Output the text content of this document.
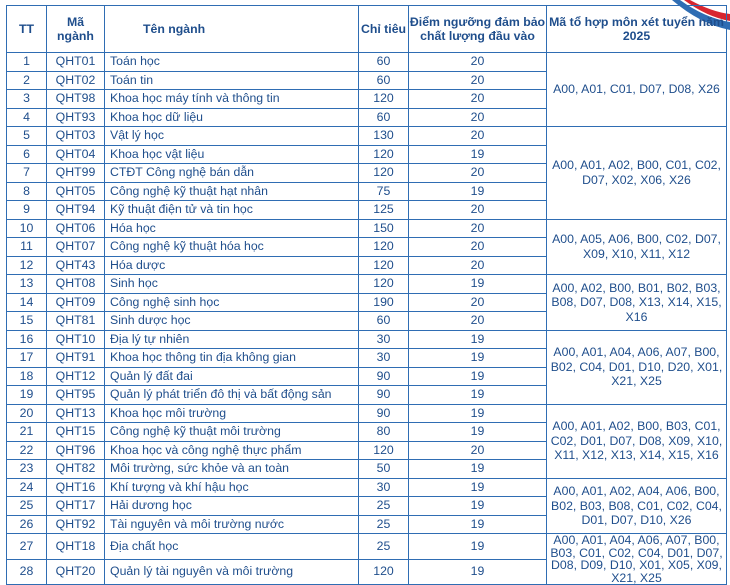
TT	Mã ngành	Tên ngành	Chỉ tiêu	Điểm ngưỡng đảm bảo chất lượng đầu vào	Mã tổ hợp môn xét tuyển năm 2025
1	QHT01	Toán học	60	20	A00, A01, C01, D07, D08, X26
2	QHT02	Toán tin	60	20	
3	QHT98	Khoa học máy tính và thông tin	120	20	
4	QHT93	Khoa học dữ liệu	60	20	
5	QHT03	Vật lý học	130	20	A00, A01, A02, B00, C01, C02, D07, X02, X06, X26
6	QHT04	Khoa học vật liệu	120	19	
7	QHT99	CTĐT Công nghệ bán dẫn	120	20	
8	QHT05	Công nghệ kỹ thuật hạt nhân	75	19	
9	QHT94	Kỹ thuật điện tử và tin học	125	20	
10	QHT06	Hóa học	150	20	A00, A05, A06, B00, C02, D07, X09, X10, X11, X12
11	QHT07	Công nghệ kỹ thuật hóa học	120	20	
12	QHT43	Hóa dược	120	20	
13	QHT08	Sinh học	120	19	A00, A02, B00, B01, B02, B03, B08, D07, D08, X13, X14, X15, X16
14	QHT09	Công nghệ sinh học	190	20	
15	QHT81	Sinh dược học	60	20	
16	QHT10	Địa lý tự nhiên	30	19	A00, A01, A04, A06, A07, B00, B02, C04, D01, D10, D20, X01, X21, X25
17	QHT91	Khoa học thông tin địa không gian	30	19	
18	QHT12	Quản lý đất đai	90	19	
19	QHT95	Quản lý phát triển đô thị và bất động sản	90	19	
20	QHT13	Khoa học môi trường	90	19	A00, A01, A02, B00, B03, C01, C02, D01, D07, D08, X09, X10, X11, X12, X13, X14, X15, X16
21	QHT15	Công nghệ kỹ thuật môi trường	80	19	
22	QHT96	Khoa học và công nghệ thực phẩm	120	20	
23	QHT82	Môi trường, sức khỏe và an toàn	50	19	
24	QHT16	Khí tượng và khí hậu học	30	19	A00, A01, A02, A04, A06, B00, B02, B03, B08, C01, C02, C04, D01, D07, D10, X26
25	QHT17	Hải dương học	25	19	
26	QHT92	Tài nguyên và môi trường nước	25	19	
27	QHT18	Địa chất học	25	19	A00, A01, A04, A06, A07, B00, B03, C01, C02, C04, D01, D07, D08, D09, D10, X01, X05, X09, X21, X25
28	QHT20	Quản lý tài nguyên và môi trường	120	19	
